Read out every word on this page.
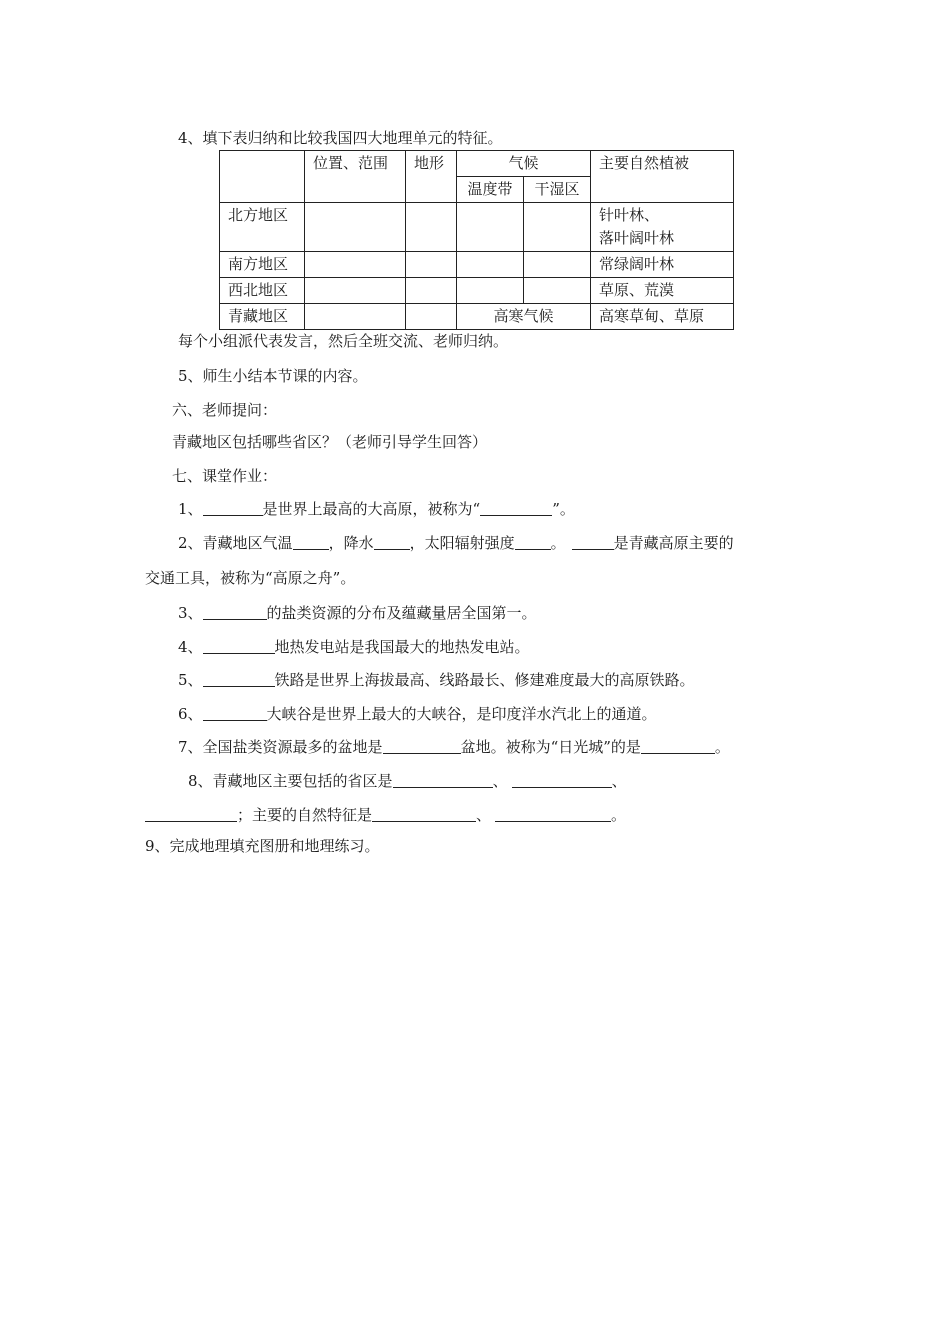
4、填下表归纳和比较我国四大地理单元的特征。
	位置、范围	地形	气候		主要自然植被
			温度带	干湿区	
北方地区					针叶林、
落叶阔叶林
南方地区					常绿阔叶林
西北地区					草原、荒漠
青藏地区			高寒气候		高寒草甸、草原
每个小组派代表发言，然后全班交流、老师归纳。
5、师生小结本节课的内容。
六、老师提问：
青藏地区包括哪些省区？（老师引导学生回答）
七、课堂作业：
1、	是世界上最高的大高原，被称为“	”。
2、青藏地区气温 ，降水 ，太阳辐射强度 。	是青藏高原主要的
交通工具，被称为“高原之舟”。
3、	的盐类资源的分布及蕴藏量居全国第一。
4、	地热发电站是我国最大的地热发电站。
5、	铁路是世界上海拔最高、线路最长、修建难度最大的高原铁路。
6、	大峡谷是世界上最大的大峡谷，是印度洋水汽北上的通道。
7、全国盐类资源最多的盆地是	盆地。被称为“日光城”的是	。
8、青藏地区主要包括的省区是	、	、
；主要的自然特征是	、	。
9、完成地理填充图册和地理练习。
